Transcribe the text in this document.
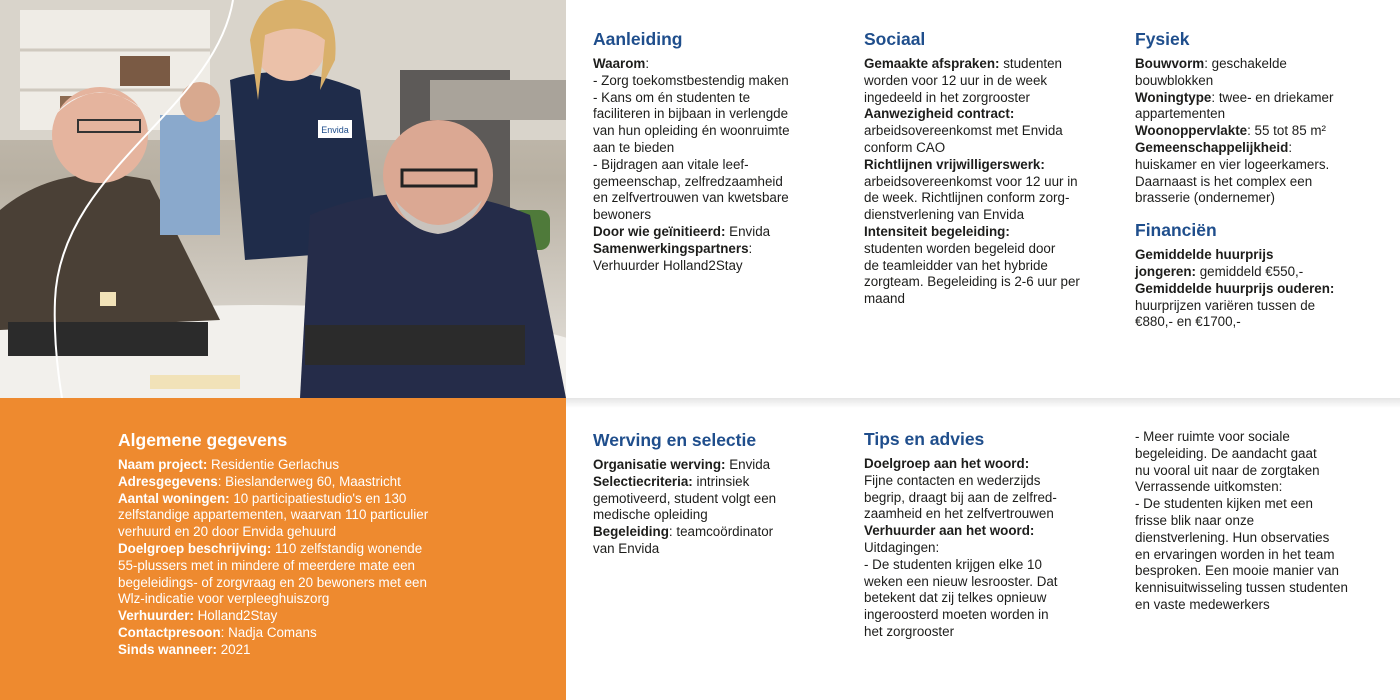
Envida
Algemene gegevens

Naam project: Residentie Gerlachus
Adresgegevens: Bieslanderweg 60, Maastricht
Aantal woningen: 10 participatiestudio's en 130
zelfstandige appartementen, waarvan 110 particulier
verhuurd en 20 door Envida gehuurd
Doelgroep beschrijving: 110 zelfstandig wonende
55-plussers met in mindere of meerdere mate een
begeleidings- of zorgvraag en 20 bewoners met een
Wlz-indicatie voor verpleeghuiszorg
Verhuurder: Holland2Stay
Contactpresoon: Nadja Comans
Sinds wanneer: 2021

Aanleiding

Waarom:
- Zorg toekomstbestendig maken
- Kans om én studenten te
faciliteren in bijbaan in verlengde
van hun opleiding én woonruimte
aan te bieden
- Bijdragen aan vitale leef-
gemeenschap, zelfredzaamheid
en zelfvertrouwen van kwetsbare
bewoners
Door wie geïnitieerd: Envida
Samenwerkingspartners:
Verhuurder Holland2Stay

Sociaal

Gemaakte afspraken: studenten
worden voor 12 uur in de week
ingedeeld in het zorgrooster
Aanwezigheid contract:
arbeidsovereenkomst met Envida
conform CAO
Richtlijnen vrijwilligerswerk:
arbeidsovereenkomst voor 12 uur in
de week. Richtlijnen conform zorg-
dienstverlening van Envida
Intensiteit begeleiding:
studenten worden begeleid door
de teamleidder van het hybride
zorgteam. Begeleiding is 2-6 uur per
maand

Fysiek

Bouwvorm: geschakelde
bouwblokken
Woningtype: twee- en driekamer
appartementen
Woonoppervlakte: 55 tot 85 m²
Gemeenschappelijkheid:
huiskamer en vier logeerkamers.
Daarnaast is het complex een
brasserie (ondernemer)

Financiën

Gemiddelde huurprijs
jongeren: gemiddeld €550,-
Gemiddelde huurprijs ouderen:
huurprijzen variëren tussen de
€880,- en €1700,-

Werving en selectie

Organisatie werving: Envida
Selectiecriteria: intrinsiek
gemotiveerd, student volgt een
medische opleiding
Begeleiding: teamcoördinator
van Envida

Tips en advies

Doelgroep aan het woord:
Fijne contacten en wederzijds
begrip, draagt bij aan de zelfred-
zaamheid en het zelfvertrouwen
Verhuurder aan het woord:
Uitdagingen:
- De studenten krijgen elke 10
weken een nieuw lesrooster. Dat
betekent dat zij telkes opnieuw
ingeroosterd moeten worden in
het zorgrooster

- Meer ruimte voor sociale
begeleiding. De aandacht gaat
nu vooral uit naar de zorgtaken
Verrassende uitkomsten:
- De studenten kijken met een
frisse blik naar onze
dienstverlening. Hun observaties
en ervaringen worden in het team
besproken. Een mooie manier van
kennisuitwisseling tussen studenten
en vaste medewerkers
